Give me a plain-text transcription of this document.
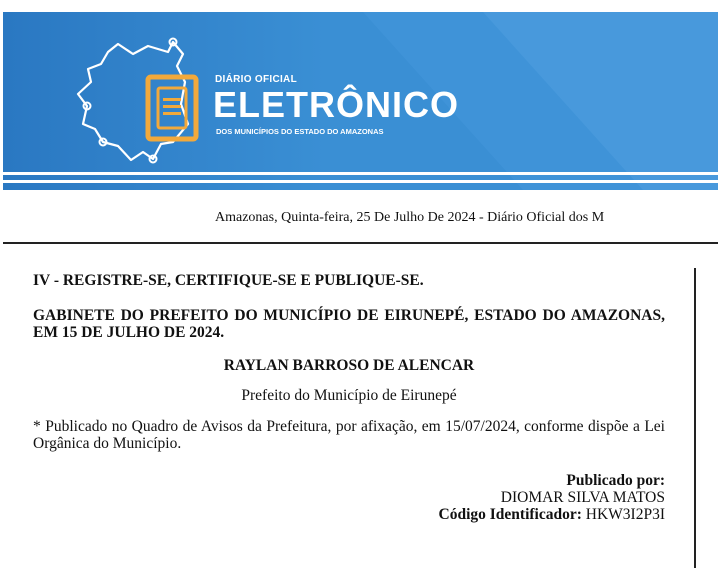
DIÁRIO OFICIAL
ELETRÔNICO
DOS MUNICÍPIOS DO ESTADO DO AMAZONAS
Amazonas, Quinta-feira, 25 De Julho De 2024 - Diário Oficial dos M

IV - REGISTRE-SE, CERTIFIQUE-SE E PUBLIQUE-SE.

GABINETE DO PREFEITO DO MUNICÍPIO DE EIRUNEPÉ, ESTADO DO AMAZONAS, EM 15 DE JULHO DE 2024.

RAYLAN BARROSO DE ALENCAR

Prefeito do Município de Eirunepé

* Publicado no Quadro de Avisos da Prefeitura, por afixação, em 15/07/2024, conforme dispõe a Lei Orgânica do Município.

Publicado por:

DIOMAR SILVA MATOS

Código Identificador: HKW3I2P3I
